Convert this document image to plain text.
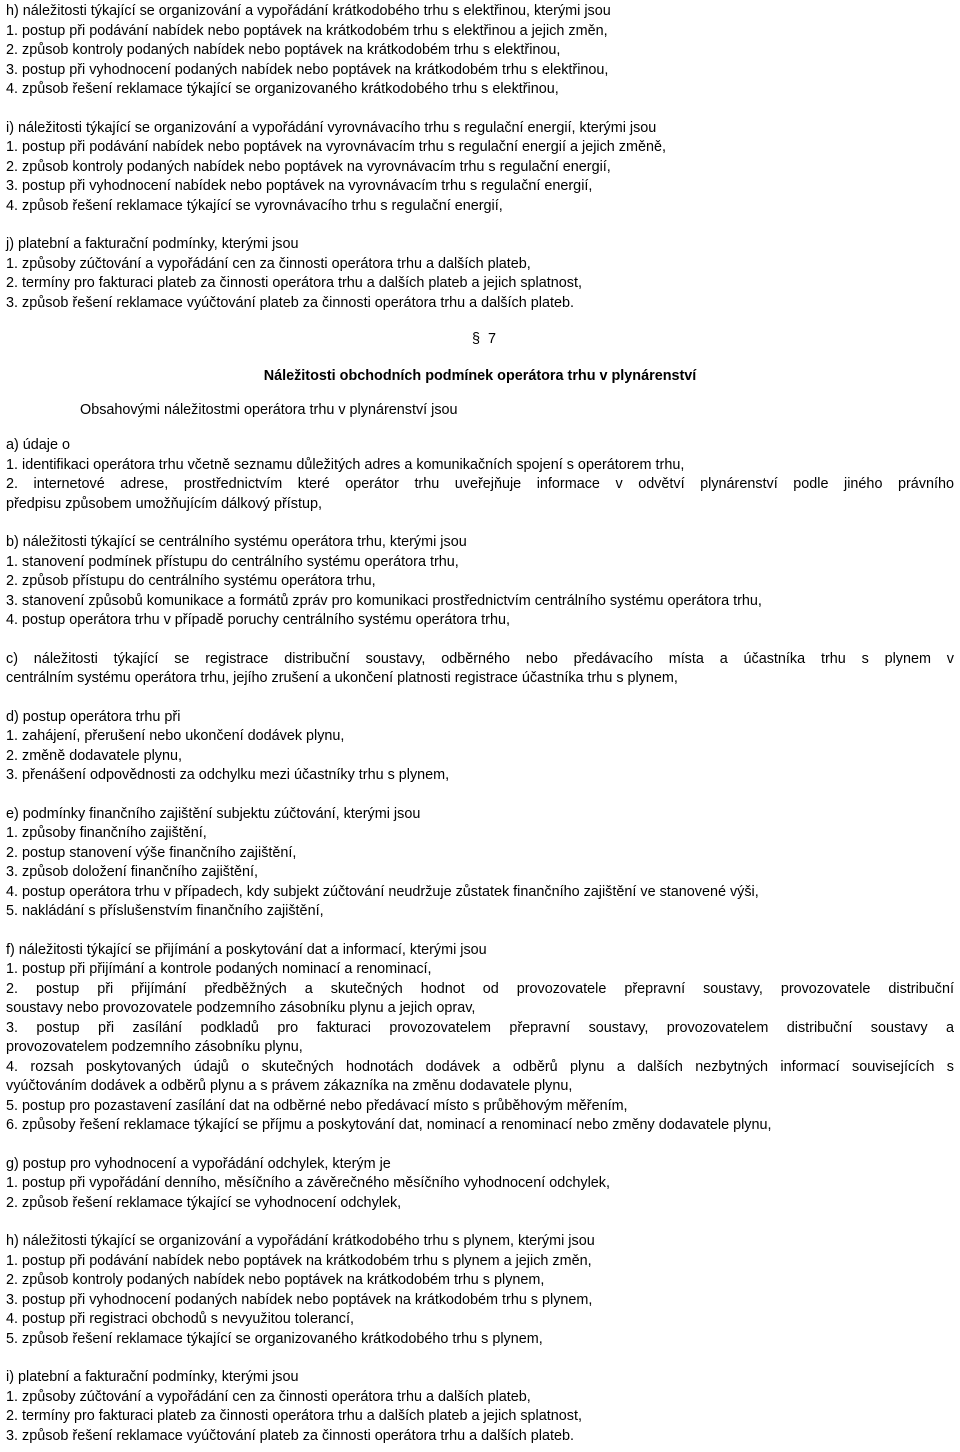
h) náležitosti týkající se organizování a vypořádání krátkodobého trhu s elektřinou, kterými jsou
1. postup při podávání nabídek nebo poptávek na krátkodobém trhu s elektřinou a jejich změn,
2. způsob kontroly podaných nabídek nebo poptávek na krátkodobém trhu s elektřinou,
3. postup při vyhodnocení podaných nabídek nebo poptávek na krátkodobém trhu s elektřinou,
4. způsob řešení reklamace týkající se organizovaného krátkodobého trhu s elektřinou,
i) náležitosti týkající se organizování a vypořádání vyrovnávacího trhu s regulační energií, kterými jsou
1. postup při podávání nabídek nebo poptávek na vyrovnávacím trhu s regulační energií a jejich změně,
2. způsob kontroly podaných nabídek nebo poptávek na vyrovnávacím trhu s regulační energií,
3. postup při vyhodnocení nabídek nebo poptávek na vyrovnávacím trhu s regulační energií,
4. způsob řešení reklamace týkající se vyrovnávacího trhu s regulační energií,
j) platební a fakturační podmínky, kterými jsou
1. způsoby zúčtování a vypořádání cen za činnosti operátora trhu a dalších plateb,
2. termíny pro fakturaci plateb za činnosti operátora trhu a dalších plateb a jejich splatnost,
3. způsob řešení reklamace vyúčtování plateb za činnosti operátora trhu a dalších plateb.
§ 7
Náležitosti obchodních podmínek operátora trhu v plynárenství
Obsahovými náležitostmi operátora trhu v plynárenství jsou
a) údaje o
1. identifikaci operátora trhu včetně seznamu důležitých adres a komunikačních spojení s operátorem trhu,
2. internetové adrese, prostřednictvím které operátor trhu uveřejňuje informace v odvětví plynárenství podle jiného právního
předpisu způsobem umožňujícím dálkový přístup,
b) náležitosti týkající se centrálního systému operátora trhu, kterými jsou
1. stanovení podmínek přístupu do centrálního systému operátora trhu,
2. způsob přístupu do centrálního systému operátora trhu,
3. stanovení způsobů komunikace a formátů zpráv pro komunikaci prostřednictvím centrálního systému operátora trhu,
4. postup operátora trhu v případě poruchy centrálního systému operátora trhu,
c) náležitosti týkající se registrace distribuční soustavy, odběrného nebo předávacího místa a účastníka trhu s plynem v
centrálním systému operátora trhu, jejího zrušení a ukončení platnosti registrace účastníka trhu s plynem,
d) postup operátora trhu při
1. zahájení, přerušení nebo ukončení dodávek plynu,
2. změně dodavatele plynu,
3. přenášení odpovědnosti za odchylku mezi účastníky trhu s plynem,
e) podmínky finančního zajištění subjektu zúčtování, kterými jsou
1. způsoby finančního zajištění,
2. postup stanovení výše finančního zajištění,
3. způsob doložení finančního zajištění,
4. postup operátora trhu v případech, kdy subjekt zúčtování neudržuje zůstatek finančního zajištění ve stanovené výši,
5. nakládání s příslušenstvím finančního zajištění,
f) náležitosti týkající se přijímání a poskytování dat a informací, kterými jsou
1. postup při přijímání a kontrole podaných nominací a renominací,
2. postup při přijímání předběžných a skutečných hodnot od provozovatele přepravní soustavy, provozovatele distribuční
soustavy nebo provozovatele podzemního zásobníku plynu a jejich oprav,
3. postup při zasílání podkladů pro fakturaci provozovatelem přepravní soustavy, provozovatelem distribuční soustavy a
provozovatelem podzemního zásobníku plynu,
4. rozsah poskytovaných údajů o skutečných hodnotách dodávek a odběrů plynu a dalších nezbytných informací souvisejících s
vyúčtováním dodávek a odběrů plynu a s právem zákazníka na změnu dodavatele plynu,
5. postup pro pozastavení zasílání dat na odběrné nebo předávací místo s průběhovým měřením,
6. způsoby řešení reklamace týkající se příjmu a poskytování dat, nominací a renominací nebo změny dodavatele plynu,
g) postup pro vyhodnocení a vypořádání odchylek, kterým je
1. postup při vypořádání denního, měsíčního a závěrečného měsíčního vyhodnocení odchylek,
2. způsob řešení reklamace týkající se vyhodnocení odchylek,
h) náležitosti týkající se organizování a vypořádání krátkodobého trhu s plynem, kterými jsou
1. postup při podávání nabídek nebo poptávek na krátkodobém trhu s plynem a jejich změn,
2. způsob kontroly podaných nabídek nebo poptávek na krátkodobém trhu s plynem,
3. postup při vyhodnocení podaných nabídek nebo poptávek na krátkodobém trhu s plynem,
4. postup při registraci obchodů s nevyužitou tolerancí,
5. způsob řešení reklamace týkající se organizovaného krátkodobého trhu s plynem,
i) platební a fakturační podmínky, kterými jsou
1. způsoby zúčtování a vypořádání cen za činnosti operátora trhu a dalších plateb,
2. termíny pro fakturaci plateb za činnosti operátora trhu a dalších plateb a jejich splatnost,
3. způsob řešení reklamace vyúčtování plateb za činnosti operátora trhu a dalších plateb.
